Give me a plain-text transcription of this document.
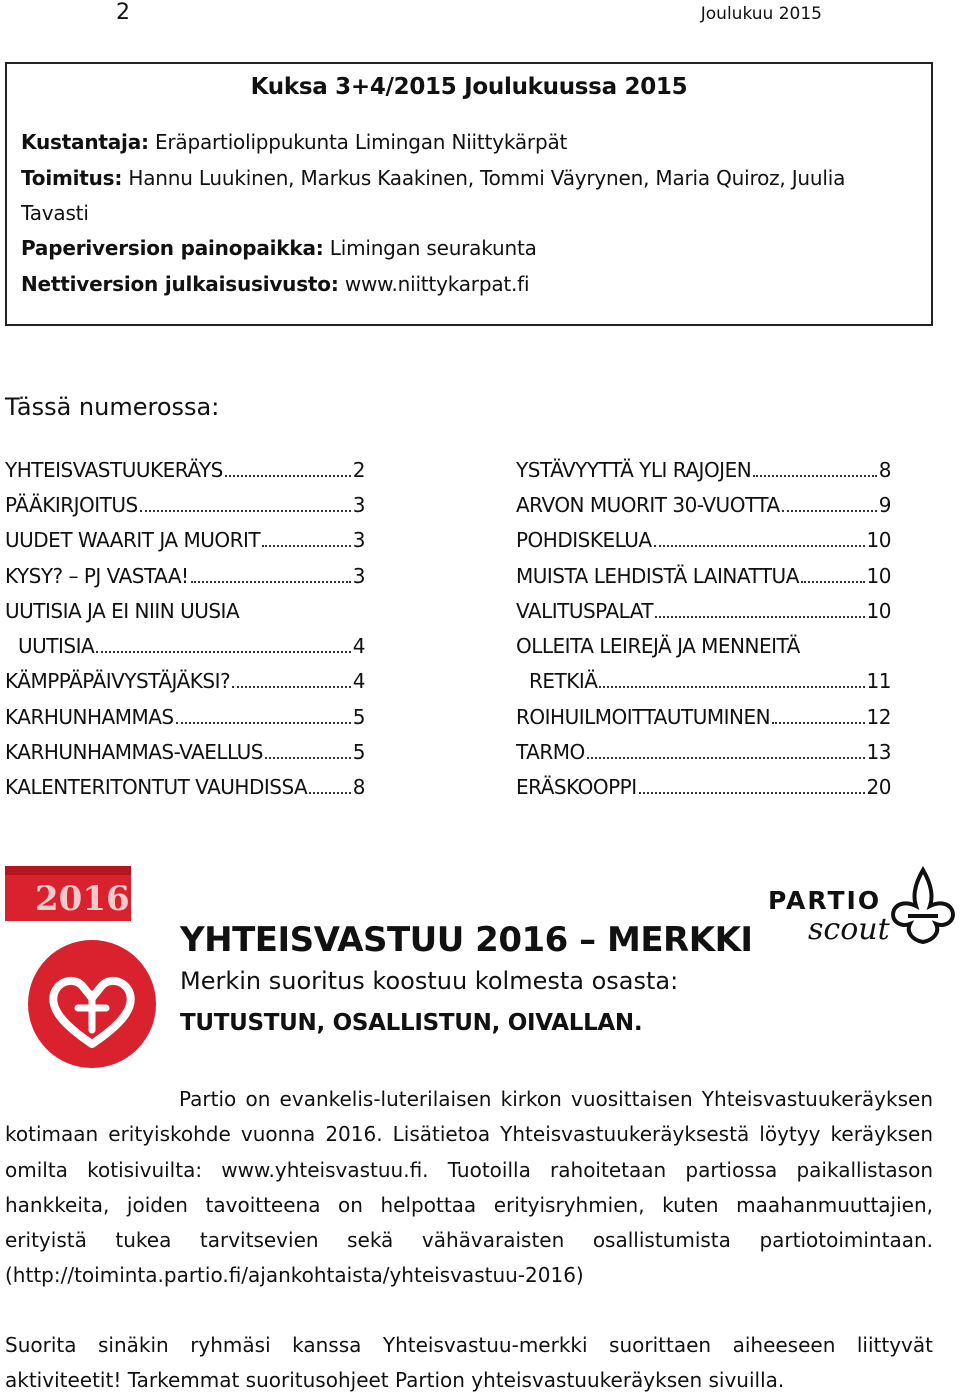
2	Joulukuu 2015
Kuksa 3+4/2015 Joulukuussa 2015
Kustantaja: Eräpartiolippukunta Limingan Niittykärpät
Toimitus: Hannu Luukinen, Markus Kaakinen, Tommi Väyrynen, Maria Quiroz, Juulia
Tavasti
Paperiversion painopaikka: Limingan seurakunta
Nettiversion julkaisusivusto: www.niittykarpat.fi
Tässä numerossa:
YHTEISVASTUUKERÄYS	2
PÄÄKIRJOITUS	3
UUDET WAARIT JA MUORIT	3
KYSY? – PJ VASTAA!	3
UUTISIA JA EI NIIN UUSIA
UUTISIA	4
KÄMPPÄPÄIVYSTÄJÄKSI?	4
KARHUNHAMMAS	5
KARHUNHAMMAS-VAELLUS	5
KALENTERITONTUT VAUHDISSA 8
YSTÄVYYTTÄ YLI RAJOJEN	8
ARVON MUORIT 30-VUOTTA	9
POHDISKELUA	10
MUISTA LEHDISTÄ LAINATTUA	10
VALITUSPALAT	10
OLLEITA LEIREJÄ JA MENNEITÄ
RETKIÄ	11
ROIHUILMOITTAUTUMINEN	12
TARMO	13
ERÄSKOOPPI	20
2016	PARTIO
scout
YHTEISVASTUU 2016 – MERKKI
Merkin suoritus koostuu kolmesta osasta:
TUTUSTUN, OSALLISTUN, OIVALLAN.

Partio on evankelis-luterilaisen kirkon vuosittaisen Yhteisvastuukeräyksen kotimaan erityiskohde vuonna 2016. Lisätietoa Yhteisvastuukeräyksestä löytyy keräyksen omilta kotisivuilta: www.yhteisvastuu.fi. Tuotoilla rahoitetaan partiossa paikallistason hankkeita, joiden tavoitteena on helpottaa erityisryhmien, kuten maahanmuuttajien, erityistä tukea tarvitsevien sekä vähävaraisten osallistumista partiotoimintaan. (http://toiminta.partio.fi/ajankohtaista/yhteisvastuu-2016)

Suorita sinäkin ryhmäsi kanssa Yhteisvastuu-merkki suorittaen aiheeseen liittyvät aktiviteetit! Tarkemmat suoritusohjeet Partion yhteisvastuukeräyksen sivuilla.
